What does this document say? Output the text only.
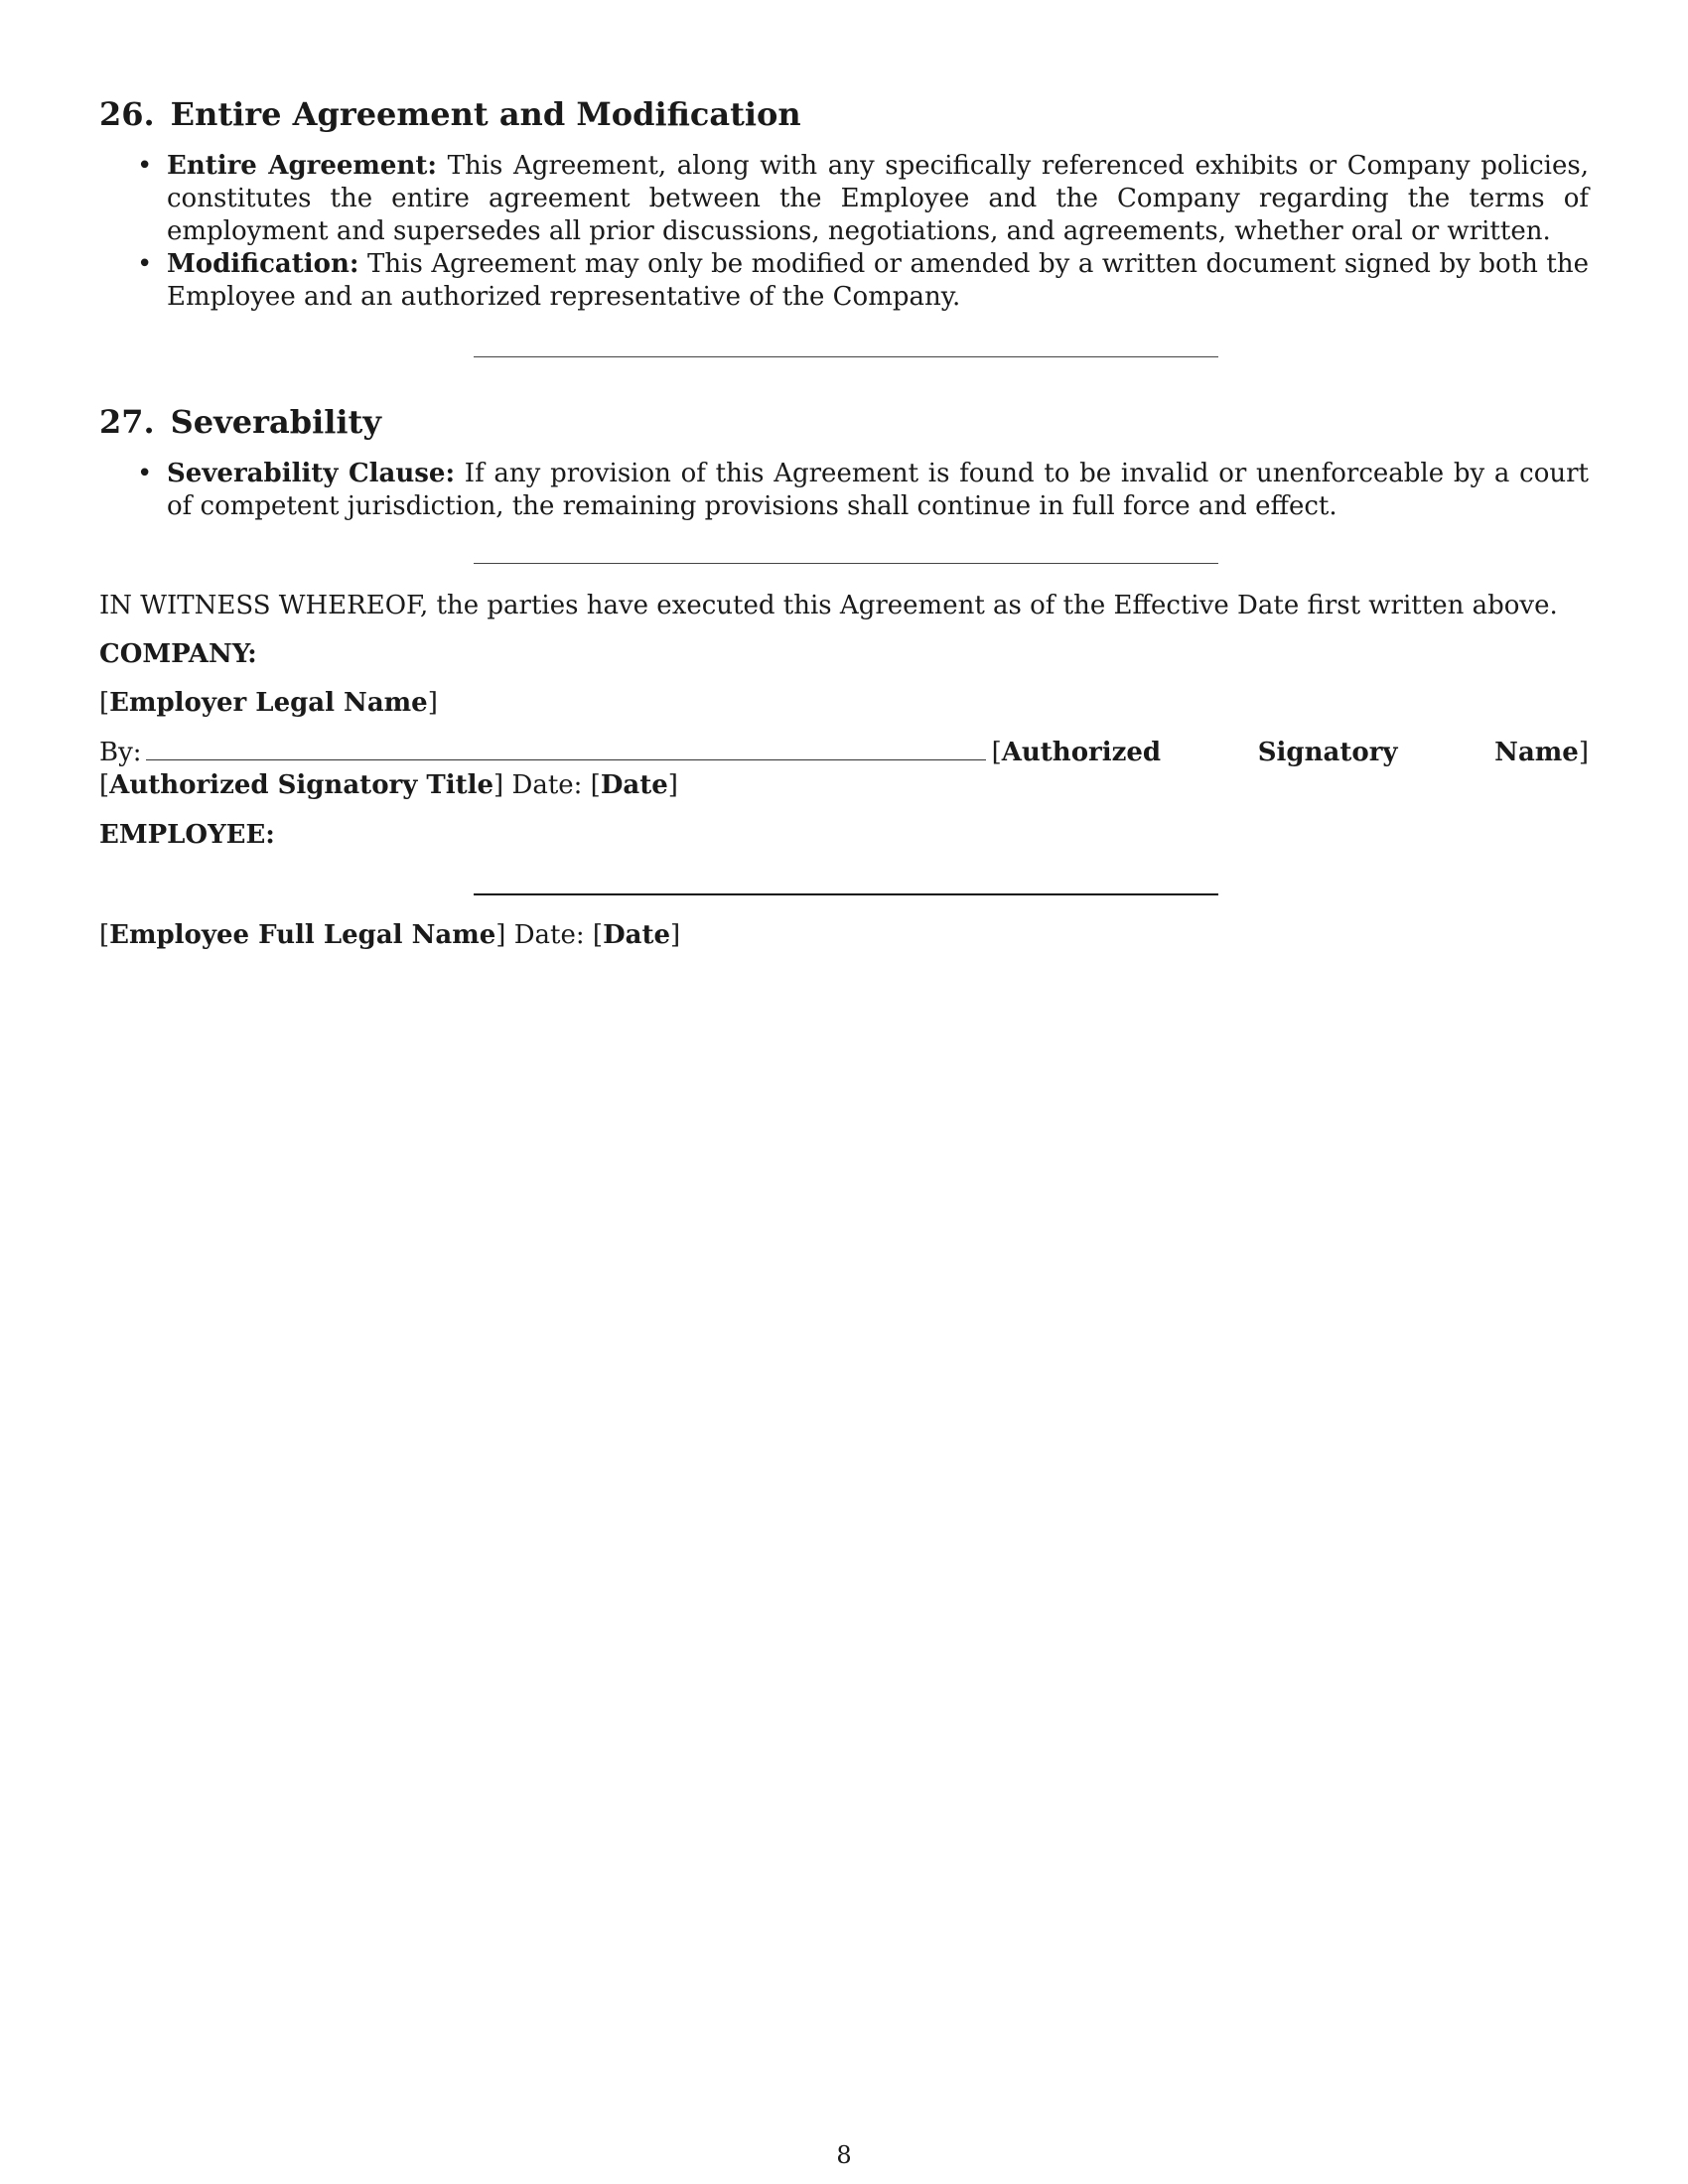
26. Entire Agreement and Modification
• Entire Agreement: This Agreement, along with any specifically referenced exhibits or Company policies, constitutes the entire agreement between the Employee and the Company regarding the terms of employment and supersedes all prior discussions, negotiations, and agreements, whether oral or written.
• Modification: This Agreement may only be modified or amended by a written document signed by both the Employee and an authorized representative of the Company.
27. Severability
• Severability Clause: If any provision of this Agreement is found to be invalid or unenforceable by a court of competent jurisdiction, the remaining provisions shall continue in full force and effect.
IN WITNESS WHEREOF, the parties have executed this Agreement as of the Effective Date first written above.
COMPANY:
[Employer Legal Name]
By:	[Authorized Signatory Name] [Authorized Signatory Title] Date: [Date]
EMPLOYEE:
[Employee Full Legal Name] Date: [Date]
8
